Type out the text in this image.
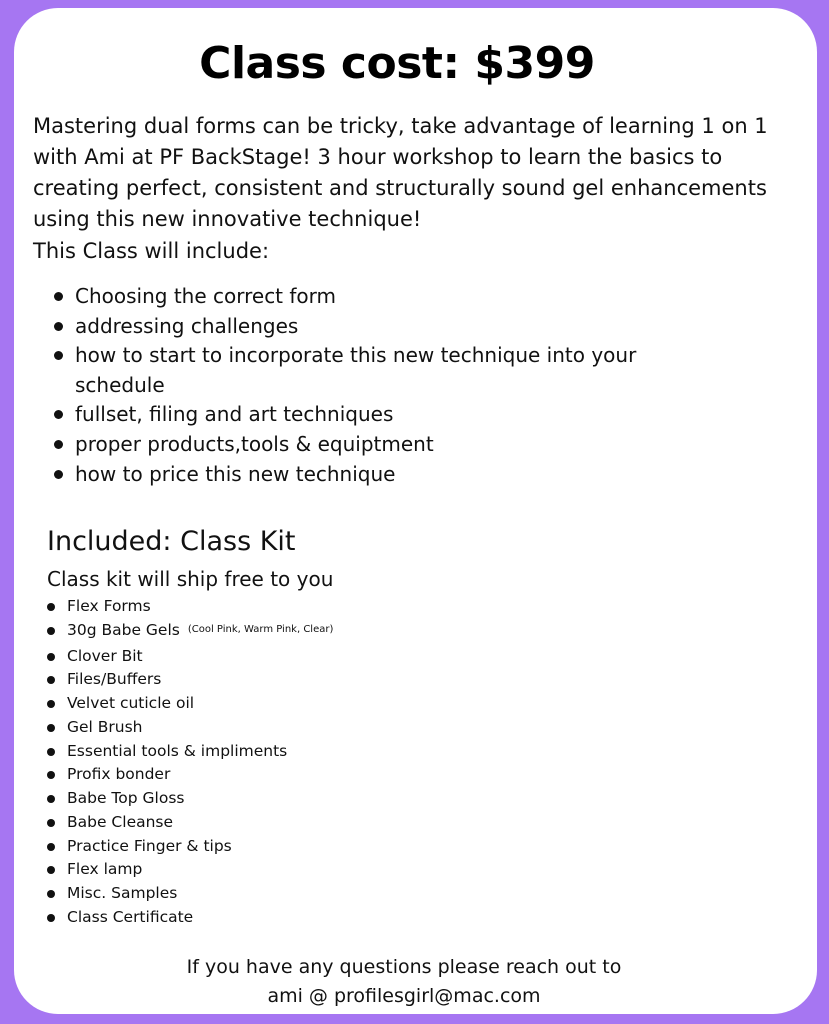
Class cost: $399

Mastering dual forms can be tricky, take advantage of learning 1 on 1 with Ami at PF BackStage! 3 hour workshop to learn the basics to creating perfect, consistent and structurally sound gel enhancements using this new innovative technique!

This Class will include:

Choosing the correct form
addressing challenges
how to start to incorporate this new technique into your schedule
fullset, filing and art techniques
proper products,tools & equiptment
how to price this new technique
Included: Class Kit

Class kit will ship free to you

Flex Forms
30g Babe Gels (Cool Pink, Warm Pink, Clear)
Clover Bit
Files/Buffers
Velvet cuticle oil
Gel Brush
Essential tools & impliments
Profix bonder
Babe Top Gloss
Babe Cleanse
Practice Finger & tips
Flex lamp
Misc. Samples
Class Certificate

If you have any questions please reach out to
ami @ profilesgirl@mac.com
